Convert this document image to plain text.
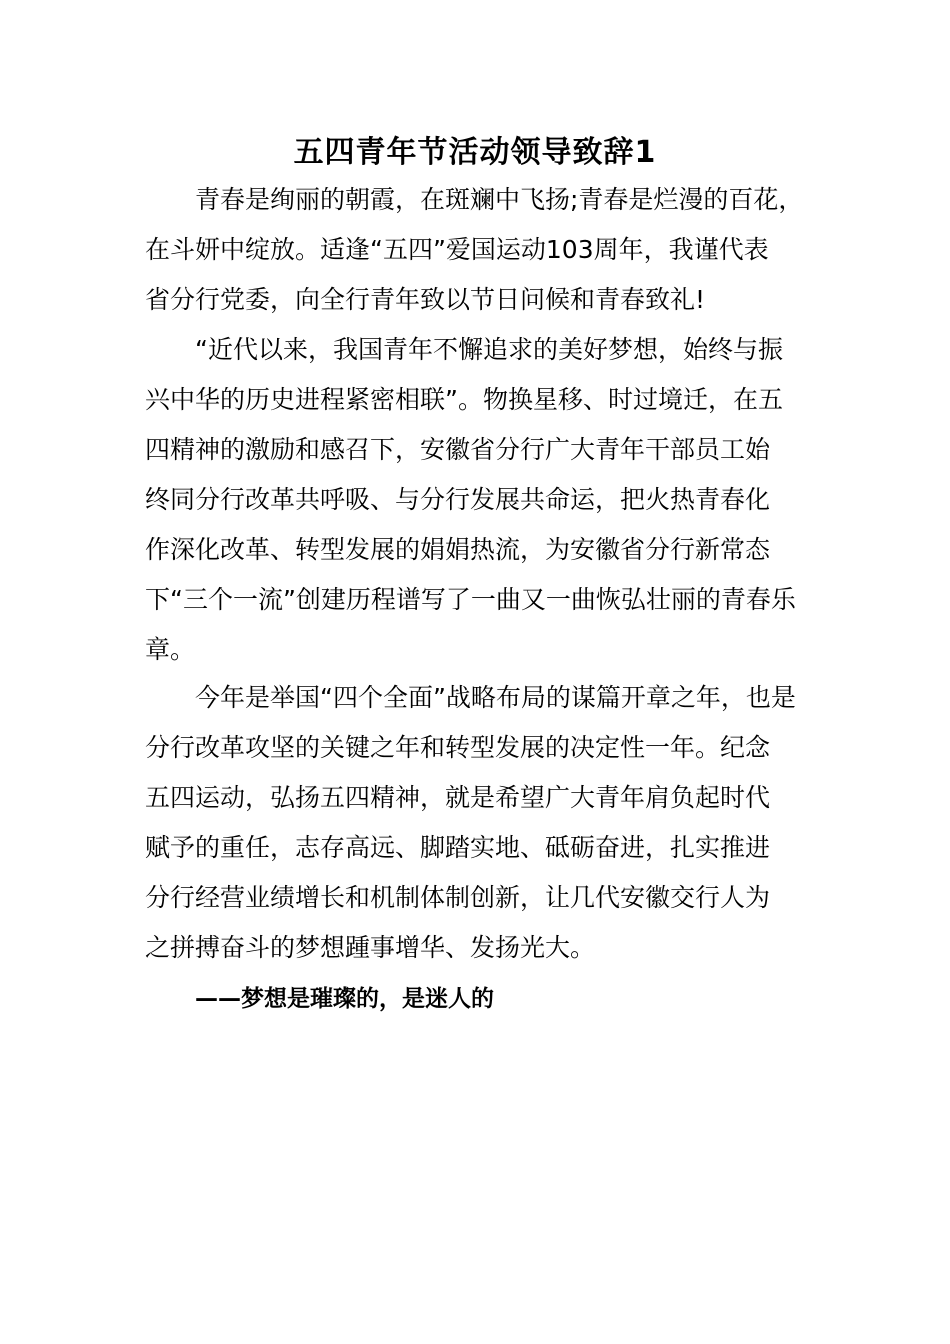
五四青年节活动领导致辞1

青春是绚丽的朝霞，在斑斓中飞扬;青春是烂漫的百花，

在斗妍中绽放。适逢“五四”爱国运动103周年，我谨代表

省分行党委，向全行青年致以节日问候和青春致礼!

“近代以来，我国青年不懈追求的美好梦想，始终与振

兴中华的历史进程紧密相联”。物换星移、时过境迁，在五

四精神的激励和感召下，安徽省分行广大青年干部员工始

终同分行改革共呼吸、与分行发展共命运，把火热青春化

作深化改革、转型发展的娟娟热流，为安徽省分行新常态

下“三个一流”创建历程谱写了一曲又一曲恢弘壮丽的青春乐

章。

今年是举国“四个全面”战略布局的谋篇开章之年，也是

分行改革攻坚的关键之年和转型发展的决定性一年。纪念

五四运动，弘扬五四精神，就是希望广大青年肩负起时代

赋予的重任，志存高远、脚踏实地、砥砺奋进，扎实推进

分行经营业绩增长和机制体制创新，让几代安徽交行人为

之拼搏奋斗的梦想踵事增华、发扬光大。

——梦想是璀璨的，是迷人的
